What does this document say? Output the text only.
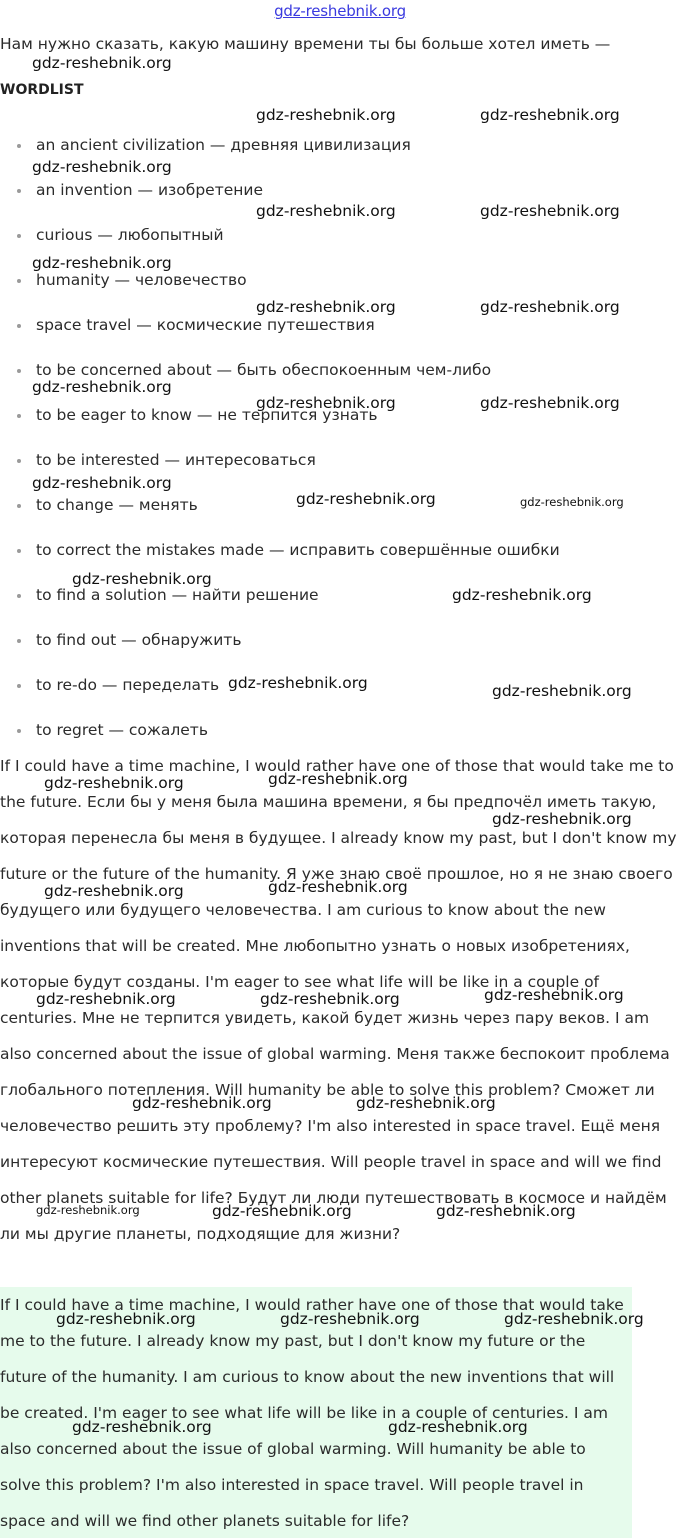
gdz-reshebnik.org
Нам нужно сказать, какую машину времени ты бы больше хотел иметь —
WORDLIST
an ancient civilization — древняя цивилизация
an invention — изобретение
curious — любопытный
humanity — человечество
space travel — космические путешествия
to be concerned about — быть обеспокоенным чем-либо
to be eager to know — не терпится узнать
to be interested — интересоваться
to change — менять
to correct the mistakes made — исправить совершённые ошибки
to find a solution — найти решение
to find out — обнаружить
to re-do — переделать
to regret — сожалеть

If I could have a time machine, I would rather have one of those that would take me to the future. Если бы у меня была машина времени, я бы предпочёл иметь такую, которая перенесла бы меня в будущее. I already know my past, but I don't know my future or the future of the humanity. Я уже знаю своё прошлое, но я не знаю своего будущего или будущего человечества. I am curious to know about the new inventions that will be created. Мне любопытно узнать о новых изобретениях, которые будут созданы. I'm eager to see what life will be like in a couple of centuries. Мне не терпится увидеть, какой будет жизнь через пару веков. I am also concerned about the issue of global warming. Меня также беспокоит проблема глобального потепления. Will humanity be able to solve this problem? Сможет ли человечество решить эту проблему? I'm also interested in space travel. Ещё меня интересуют космические путешествия. Will people travel in space and will we find other planets suitable for life? Будут ли люди путешествовать в космосе и найдём ли мы другие планеты, подходящие для жизни?

If I could have a time machine, I would rather have one of those that would take me to the future. I already know my past, but I don't know my future or the future of the humanity. I am curious to know about the new inventions that will be created. I'm eager to see what life will be like in a couple of centuries. I am also concerned about the issue of global warming. Will humanity be able to solve this problem? I'm also interested in space travel. Will people travel in space and will we find other planets suitable for life?

gdz-reshebnik.org
gdz-reshebnik.org	gdz-reshebnik.org
gdz-reshebnik.org
gdz-reshebnik.org	gdz-reshebnik.org
gdz-reshebnik.org
gdz-reshebnik.org	gdz-reshebnik.org
gdz-reshebnik.org
gdz-reshebnik.org	gdz-reshebnik.org
gdz-reshebnik.org
gdz-reshebnik.org	gdz-reshebnik.org
gdz-reshebnik.org
gdz-reshebnik.org
gdz-reshebnik.org	gdz-reshebnik.org
gdz-reshebnik.org	gdz-reshebnik.org
gdz-reshebnik.org
gdz-reshebnik.org	gdz-reshebnik.org
gdz-reshebnik.org	gdz-reshebnik.org	gdz-reshebnik.org
gdz-reshebnik.org	gdz-reshebnik.org
gdz-reshebnik.org	gdz-reshebnik.org	gdz-reshebnik.org
gdz-reshebnik.org	gdz-reshebnik.org	gdz-reshebnik.org
gdz-reshebnik.org	gdz-reshebnik.org
